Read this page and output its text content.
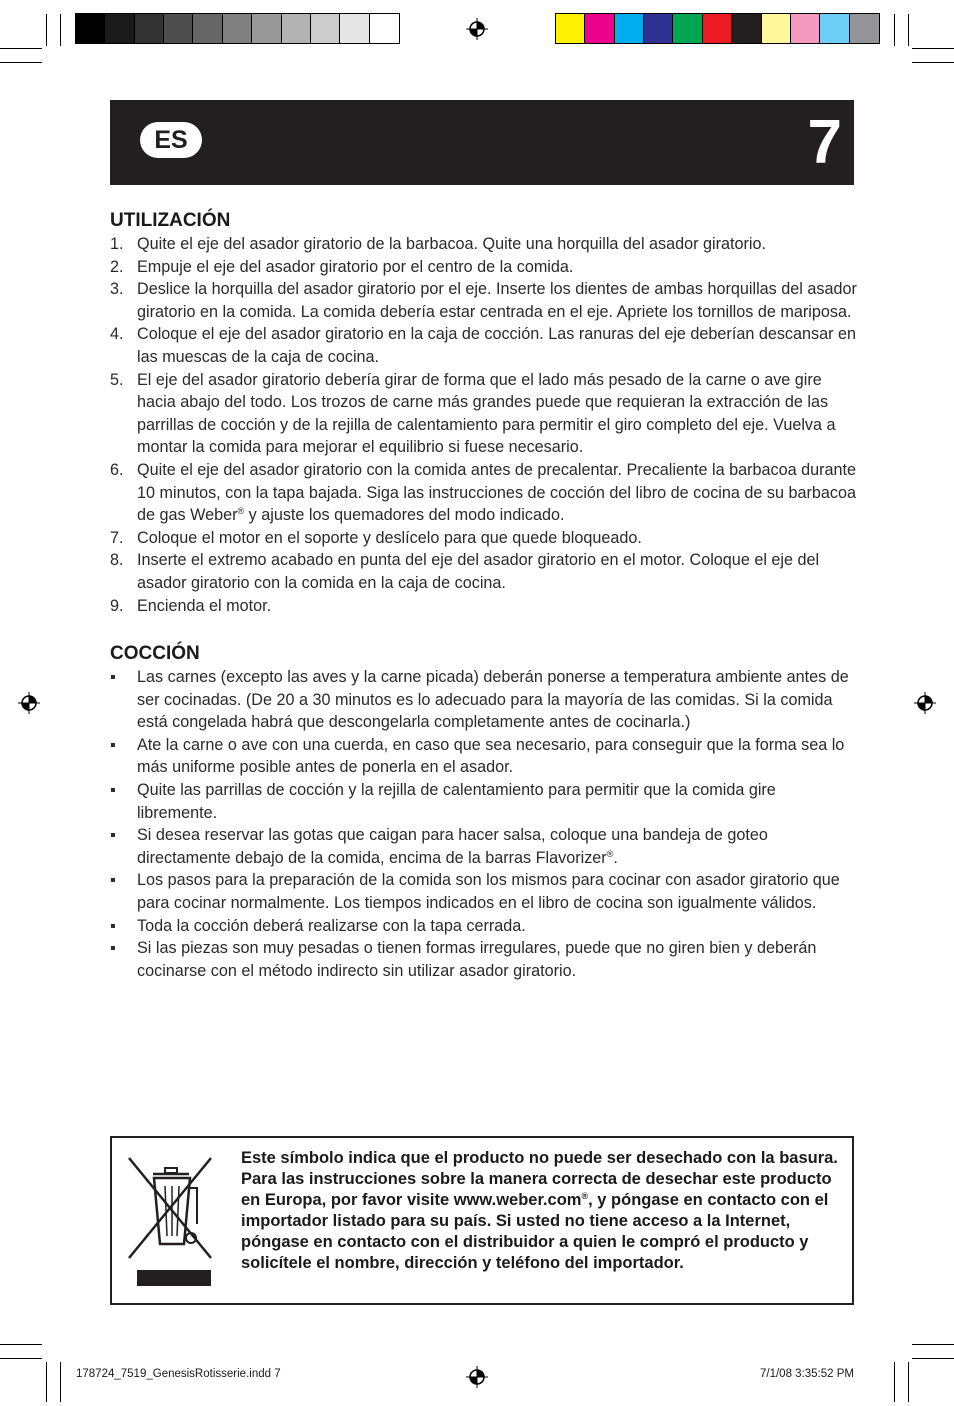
ES	7
UTILIZACIÓN
1. Quite el eje del asador giratorio de la barbacoa. Quite una horquilla del asador giratorio.
2. Empuje el eje del asador giratorio por el centro de la comida.
3. Deslice la horquilla del asador giratorio por el eje. Inserte los dientes de ambas horquillas del asador giratorio en la comida. La comida debería estar centrada en el eje. Apriete los tornillos de mariposa.
4. Coloque el eje del asador giratorio en la caja de cocción. Las ranuras del eje deberían descansar en las muescas de la caja de cocina.
5. El eje del asador giratorio debería girar de forma que el lado más pesado de la carne o ave gire hacia abajo del todo. Los trozos de carne más grandes puede que requieran la extracción de las parrillas de cocción y de la rejilla de calentamiento para permitir el giro completo del eje. Vuelva a montar la comida para mejorar el equilibrio si fuese necesario.
6. Quite el eje del asador giratorio con la comida antes de precalentar. Precaliente la barbacoa durante 10 minutos, con la tapa bajada. Siga las instrucciones de cocción del libro de cocina de su barbacoa de gas Weber® y ajuste los quemadores del modo indicado.
7. Coloque el motor en el soporte y deslícelo para que quede bloqueado.
8. Inserte el extremo acabado en punta del eje del asador giratorio en el motor. Coloque el eje del asador giratorio con la comida en la caja de cocina.
9. Encienda el motor.
COCCIÓN
▪ Las carnes (excepto las aves y la carne picada) deberán ponerse a temperatura ambiente antes de ser cocinadas. (De 20 a 30 minutos es lo adecuado para la mayoría de las comidas. Si la comida está congelada habrá que descongelarla completamente antes de cocinarla.)
▪ Ate la carne o ave con una cuerda, en caso que sea necesario, para conseguir que la forma sea lo más uniforme posible antes de ponerla en el asador.
▪ Quite las parrillas de cocción y la rejilla de calentamiento para permitir que la comida gire libremente.
▪ Si desea reservar las gotas que caigan para hacer salsa, coloque una bandeja de goteo directamente debajo de la comida, encima de la barras Flavorizer®.
▪ Los pasos para la preparación de la comida son los mismos para cocinar con asador giratorio que para cocinar normalmente. Los tiempos indicados en el libro de cocina son igualmente válidos.
▪ Toda la cocción deberá realizarse con la tapa cerrada.
▪ Si las piezas son muy pesadas o tienen formas irregulares, puede que no giren bien y deberán cocinarse con el método indirecto sin utilizar asador giratorio.
Este símbolo indica que el producto no puede ser desechado con la basura. Para las instrucciones sobre la manera correcta de desechar este producto en Europa, por favor visite www.weber.com®, y póngase en contacto con el importador listado para su país. Si usted no tiene acceso a la Internet, póngase en contacto con el distribuidor a quien le compró el producto y solicítele el nombre, dirección y teléfono del importador.
178724_7519_GenesisRotisserie.indd 7	7/1/08 3:35:52 PM
